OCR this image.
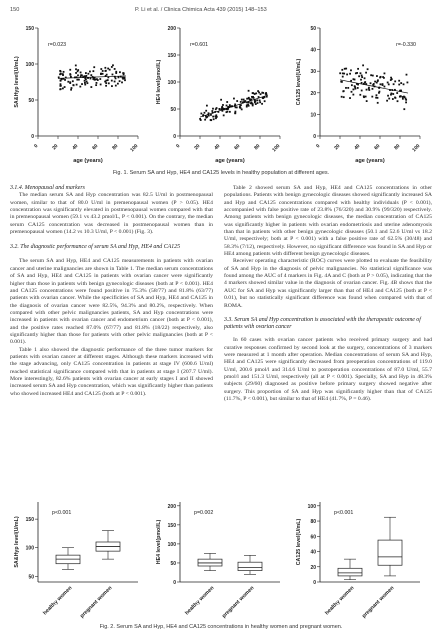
150	P. Li et al. / Clinica Chimica Acta 439 (2015) 148–153
150
100
50
0
0 20 40 60 80 100
SA&Hyp level(U/mL)
age (years)
r=0.023
200
150
100
50
0
0 20 40 60 80 100
HE4 level(pmol/L)
age (years)
r=0.601
50
40
30
20
10
0
0 20 40 60 80 100
CA125 level(U/mL)
age (years)
r=-0.330
Fig. 1. Serum SA and Hyp, HE4 and CA125 levels in healthy population at different ages.
3.1.4. Menopausal and markers

The median serum SA and Hyp concentration was 82.5 U/ml in postmenopausal women, similar to that of 80.0 U/ml in premenopausal women (P > 0.05). HE4 concentration was significantly elevated in postmenopausal women compared with that in premenopausal women (59.1 vs 43.2 pmol/L, P < 0.001). On the contrary, the median serum CA125 concentration was decreased in postmenopausal women than in premenopausal women (14.2 vs 10.3 U/ml, P < 0.001) (Fig. 3).

3.2. The diagnostic performance of serum SA and Hyp, HE4 and CA125

The serum SA and Hyp, HE4 and CA125 measurements in patients with ovarian cancer and uterine malignancies are shown in Table 1. The median serum concentrations of SA and Hyp, HE4 and CA125 in patients with ovarian cancer were significantly higher than those in patients with benign gynecologic diseases (both at P < 0.001). HE4 and CA125 concentrations were found positive in 75.3% (58/77) and 81.8% (63/77) patients with ovarian cancer. While the specificities of SA and Hyp, HE4 and CA125 in the diagnosis of ovarian cancer were 82.5%, 94.3% and 80.2%, respectively. When compared with other pelvic malignancies patients, SA and Hyp concentrations were increased in patients with ovarian cancer and endometrium cancer (both at P < 0.001), and the positive rates reached 87.0% (67/77) and 81.8% (18/22) respectively, also significantly higher than those for patients with other pelvic malignancies (both at P < 0.001).

Table 1 also showed the diagnostic performance of the three tumor markers for patients with ovarian cancer at different stages. Although these markers increased with the stage advancing, only CA125 concentration in patients at stage IV (600.6 U/ml) reached statistical significance compared with that in patients at stage I (207.7 U/ml). More interestingly, 82.6% patients with ovarian cancer at early stages I and II showed increased serum SA and Hyp concentration, which was significantly higher than patients who showed increased HE4 and CA125 (both at P < 0.001).

Table 2 showed serum SA and Hyp, HE4 and CA125 concentrations in other populations. Patients with benign gynecologic diseases showed significantly increased SA and Hyp and CA125 concentrations compared with healthy individuals (P < 0.001), accompanied with false positive rate of 23.8% (76/320) and 30.9% (99/320) respectively. Among patients with benign gynecologic diseases, the median concentration of CA125 was significantly higher in patients with ovarian endometriosis and uterine adenomyosis than that in patients with other benign gynecologic diseases (50.1 and 52.6 U/ml vs 18.2 U/ml, respectively; both at P < 0.001) with a false positive rate of 62.5% (30/48) and 58.3% (7/12), respectively. However, no significant difference was found in SA and Hyp or HE4 among patients with different benign gynecologic diseases.

Receiver operating characteristic (ROC) curves were plotted to evaluate the feasibility of SA and Hyp in the diagnosis of pelvic malignancies. No statistical significance was found among the AUC of 4 markers in Fig. 4A and C (both at P > 0.05), indicating that the 4 markers showed similar value in the diagnosis of ovarian cancer. Fig. 4B shows that the AUC for SA and Hyp was significantly larger than that of HE4 and CA125 (both at P < 0.01), but no statistically significant difference was found when compared with that of ROMA.

3.3. Serum SA and Hyp concentration is associated with the therapeutic outcome of patients with ovarian cancer

In 60 cases with ovarian cancer patients who received primary surgery and had curative responses confirmed by second look at the surgery, concentrations of 3 markers were measured at 1 month after operation. Median concentrations of serum SA and Hyp, HE4 and CA125 were significantly decreased from preoperation concentrations of 119.0 U/ml, 200.6 pmol/l and 314.6 U/ml to postoperation concentrations of 87.0 U/ml, 55.7 pmol/l and 151.3 U/ml, respectively (all at P < 0.001). Specially, SA and Hyp in 48.3% subjects (29/60) diagnosed as positive before primary surgery showed negative after surgery. This proportion of SA and Hyp was significantly higher than that of CA125 (11.7%, P < 0.001), but similar to that of HE4 (41.7%, P = 0.46).

150
100
50
SA&Hyp level(U/mL)
p<0.001
healthy women pregnant women
200
150
100
50
0
HE4 level(pmol/L)
p=0.002
healthy women pregnant women
100
80
60
40
20
0
CA125 level(U/mL)
p<0.001
healthy women pregnant women
Fig. 2. Serum SA and Hyp, HE4 and CA125 concentrations in healthy women and pregnant women.
